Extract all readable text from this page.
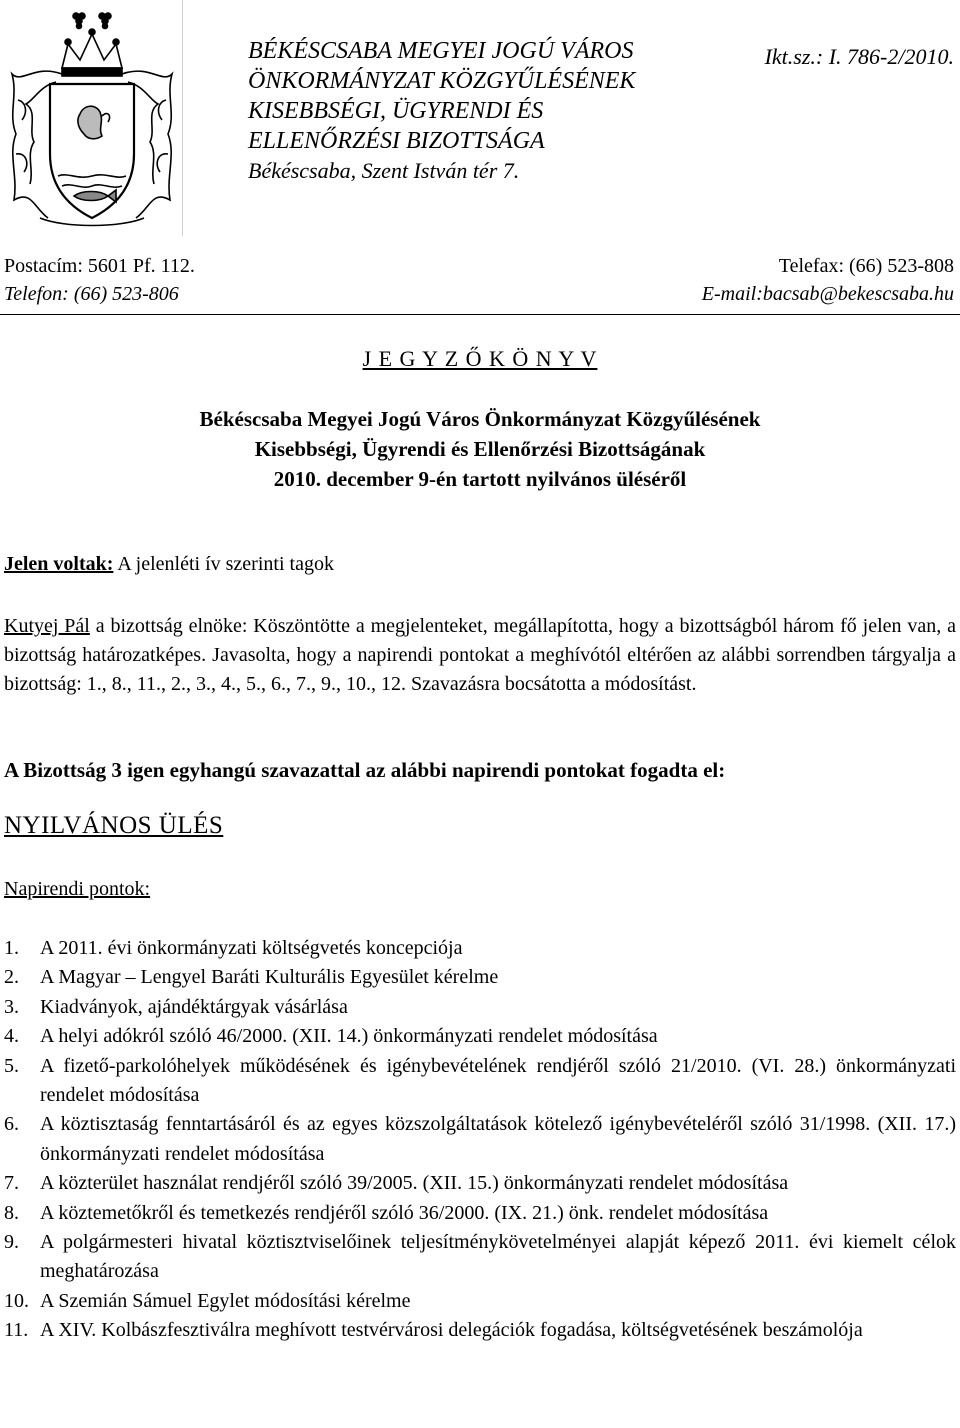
BÉKÉSCSABA MEGYEI JOGÚ VÁROS
ÖNKORMÁNYZAT KÖZGYŰLÉSÉNEK
KISEBBSÉGI, ÜGYRENDI ÉS
ELLENŐRZÉSI BIZOTTSÁGA
Békéscsaba, Szent István tér 7.
Ikt.sz.: I. 786-2/2010.
Postacím: 5601 Pf. 112.
Telefon: (66) 523-806
Telefax: (66) 523-808
E-mail:bacsab@bekescsaba.hu
J E G Y Z Ő K Ö N Y V
Békéscsaba Megyei Jogú Város Önkormányzat Közgyűlésének
Kisebbségi, Ügyrendi és Ellenőrzési Bizottságának
2010. december 9-én tartott nyilvános üléséről
Jelen voltak: A jelenléti ív szerinti tagok
Kutyej Pál a bizottság elnöke: Köszöntötte a megjelenteket, megállapította, hogy a bizottságból három fő jelen van, a bizottság határozatképes. Javasolta, hogy a napirendi pontokat a meghívótól eltérően az alábbi sorrendben tárgyalja a bizottság: 1., 8., 11., 2., 3., 4., 5., 6., 7., 9., 10., 12. Szavazásra bocsátotta a módosítást.
A Bizottság 3 igen egyhangú szavazattal az alábbi napirendi pontokat fogadta el:
NYILVÁNOS ÜLÉS
Napirendi pontok:
1.	A 2011. évi önkormányzati költségvetés koncepciója
2.	A Magyar – Lengyel Baráti Kulturális Egyesület kérelme
3.	Kiadványok, ajándéktárgyak vásárlása
4.	A helyi adókról szóló 46/2000. (XII. 14.) önkormányzati rendelet módosítása
5.	A fizető-parkolóhelyek működésének és igénybevételének rendjéről szóló 21/2010. (VI. 28.) önkormányzati rendelet módosítása
6.	A köztisztaság fenntartásáról és az egyes közszolgáltatások kötelező igénybevételéről szóló 31/1998. (XII. 17.) önkormányzati rendelet módosítása
7.	A közterület használat rendjéről szóló 39/2005. (XII. 15.) önkormányzati rendelet módosítása
8.	A köztemetőkről és temetkezés rendjéről szóló 36/2000. (IX. 21.) önk. rendelet módosítása
9.	A polgármesteri hivatal köztisztviselőinek teljesítménykövetelményei alapját képező 2011. évi kiemelt célok meghatározása
10. A Szemián Sámuel Egylet módosítási kérelme
11. A XIV. Kolbászfesztiválra meghívott testvérvárosi delegációk fogadása, költségvetésének beszámolója
